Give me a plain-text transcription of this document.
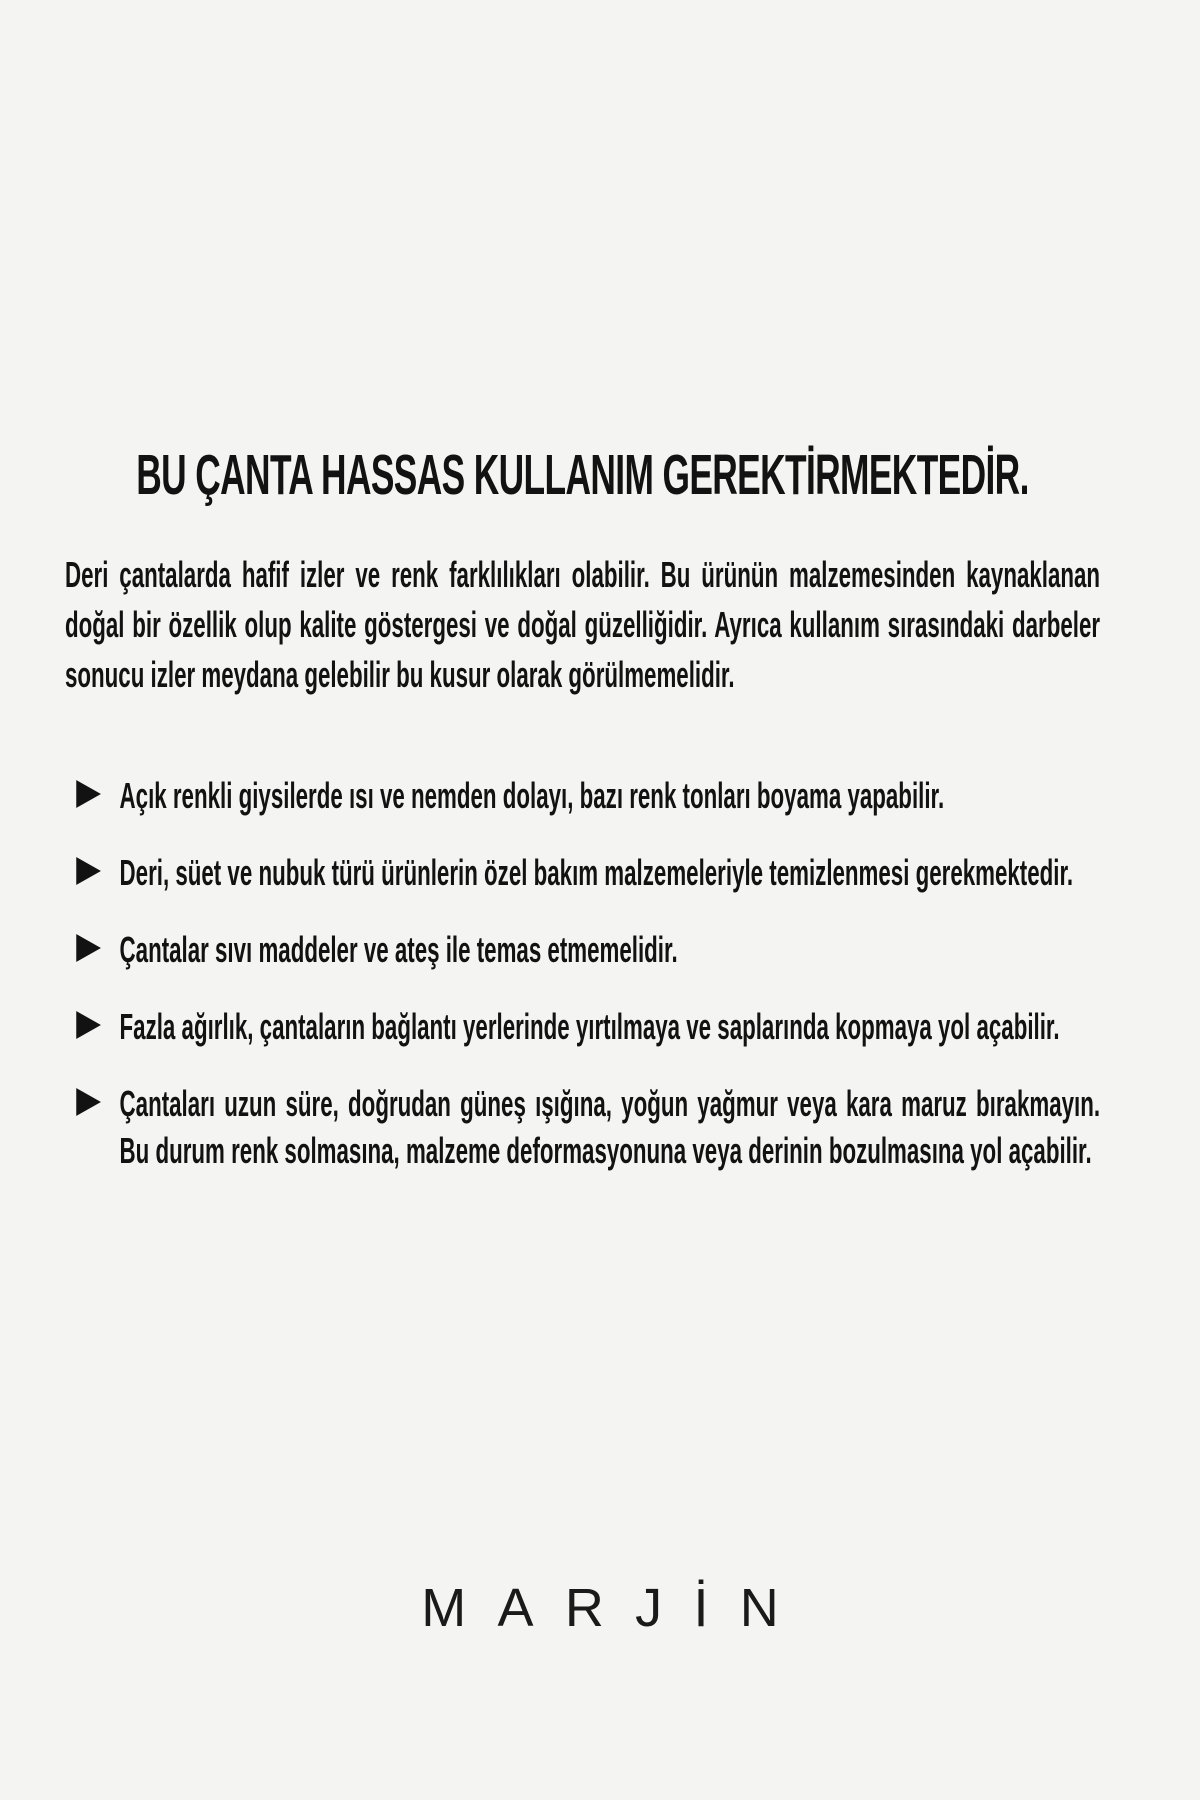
BU ÇANTA HASSAS KULLANIM GEREKTİRMEKTEDİR.

Deri çantalarda hafif izler ve renk farklılıkları olabilir. Bu ürünün malzemesinden kaynaklanan doğal bir özellik olup kalite göstergesi ve doğal güzelliğidir. Ayrıca kullanım sırasındaki darbeler sonucu izler meydana gelebilir bu kusur olarak görülmemelidir.

Açık renkli giysilerde ısı ve nemden dolayı, bazı renk tonları boyama yapabilir.
Deri, süet ve nubuk türü ürünlerin özel bakım malzemeleriyle temizlenmesi gerekmektedir.
Çantalar sıvı maddeler ve ateş ile temas etmemelidir.
Fazla ağırlık, çantaların bağlantı yerlerinde yırtılmaya ve saplarında kopmaya yol açabilir.
Çantaları uzun süre, doğrudan güneş ışığına, yoğun yağmur veya kara maruz bırakmayın. Bu durum renk solmasına, malzeme deformasyonuna veya derinin bozulmasına yol açabilir.
MARJİN
